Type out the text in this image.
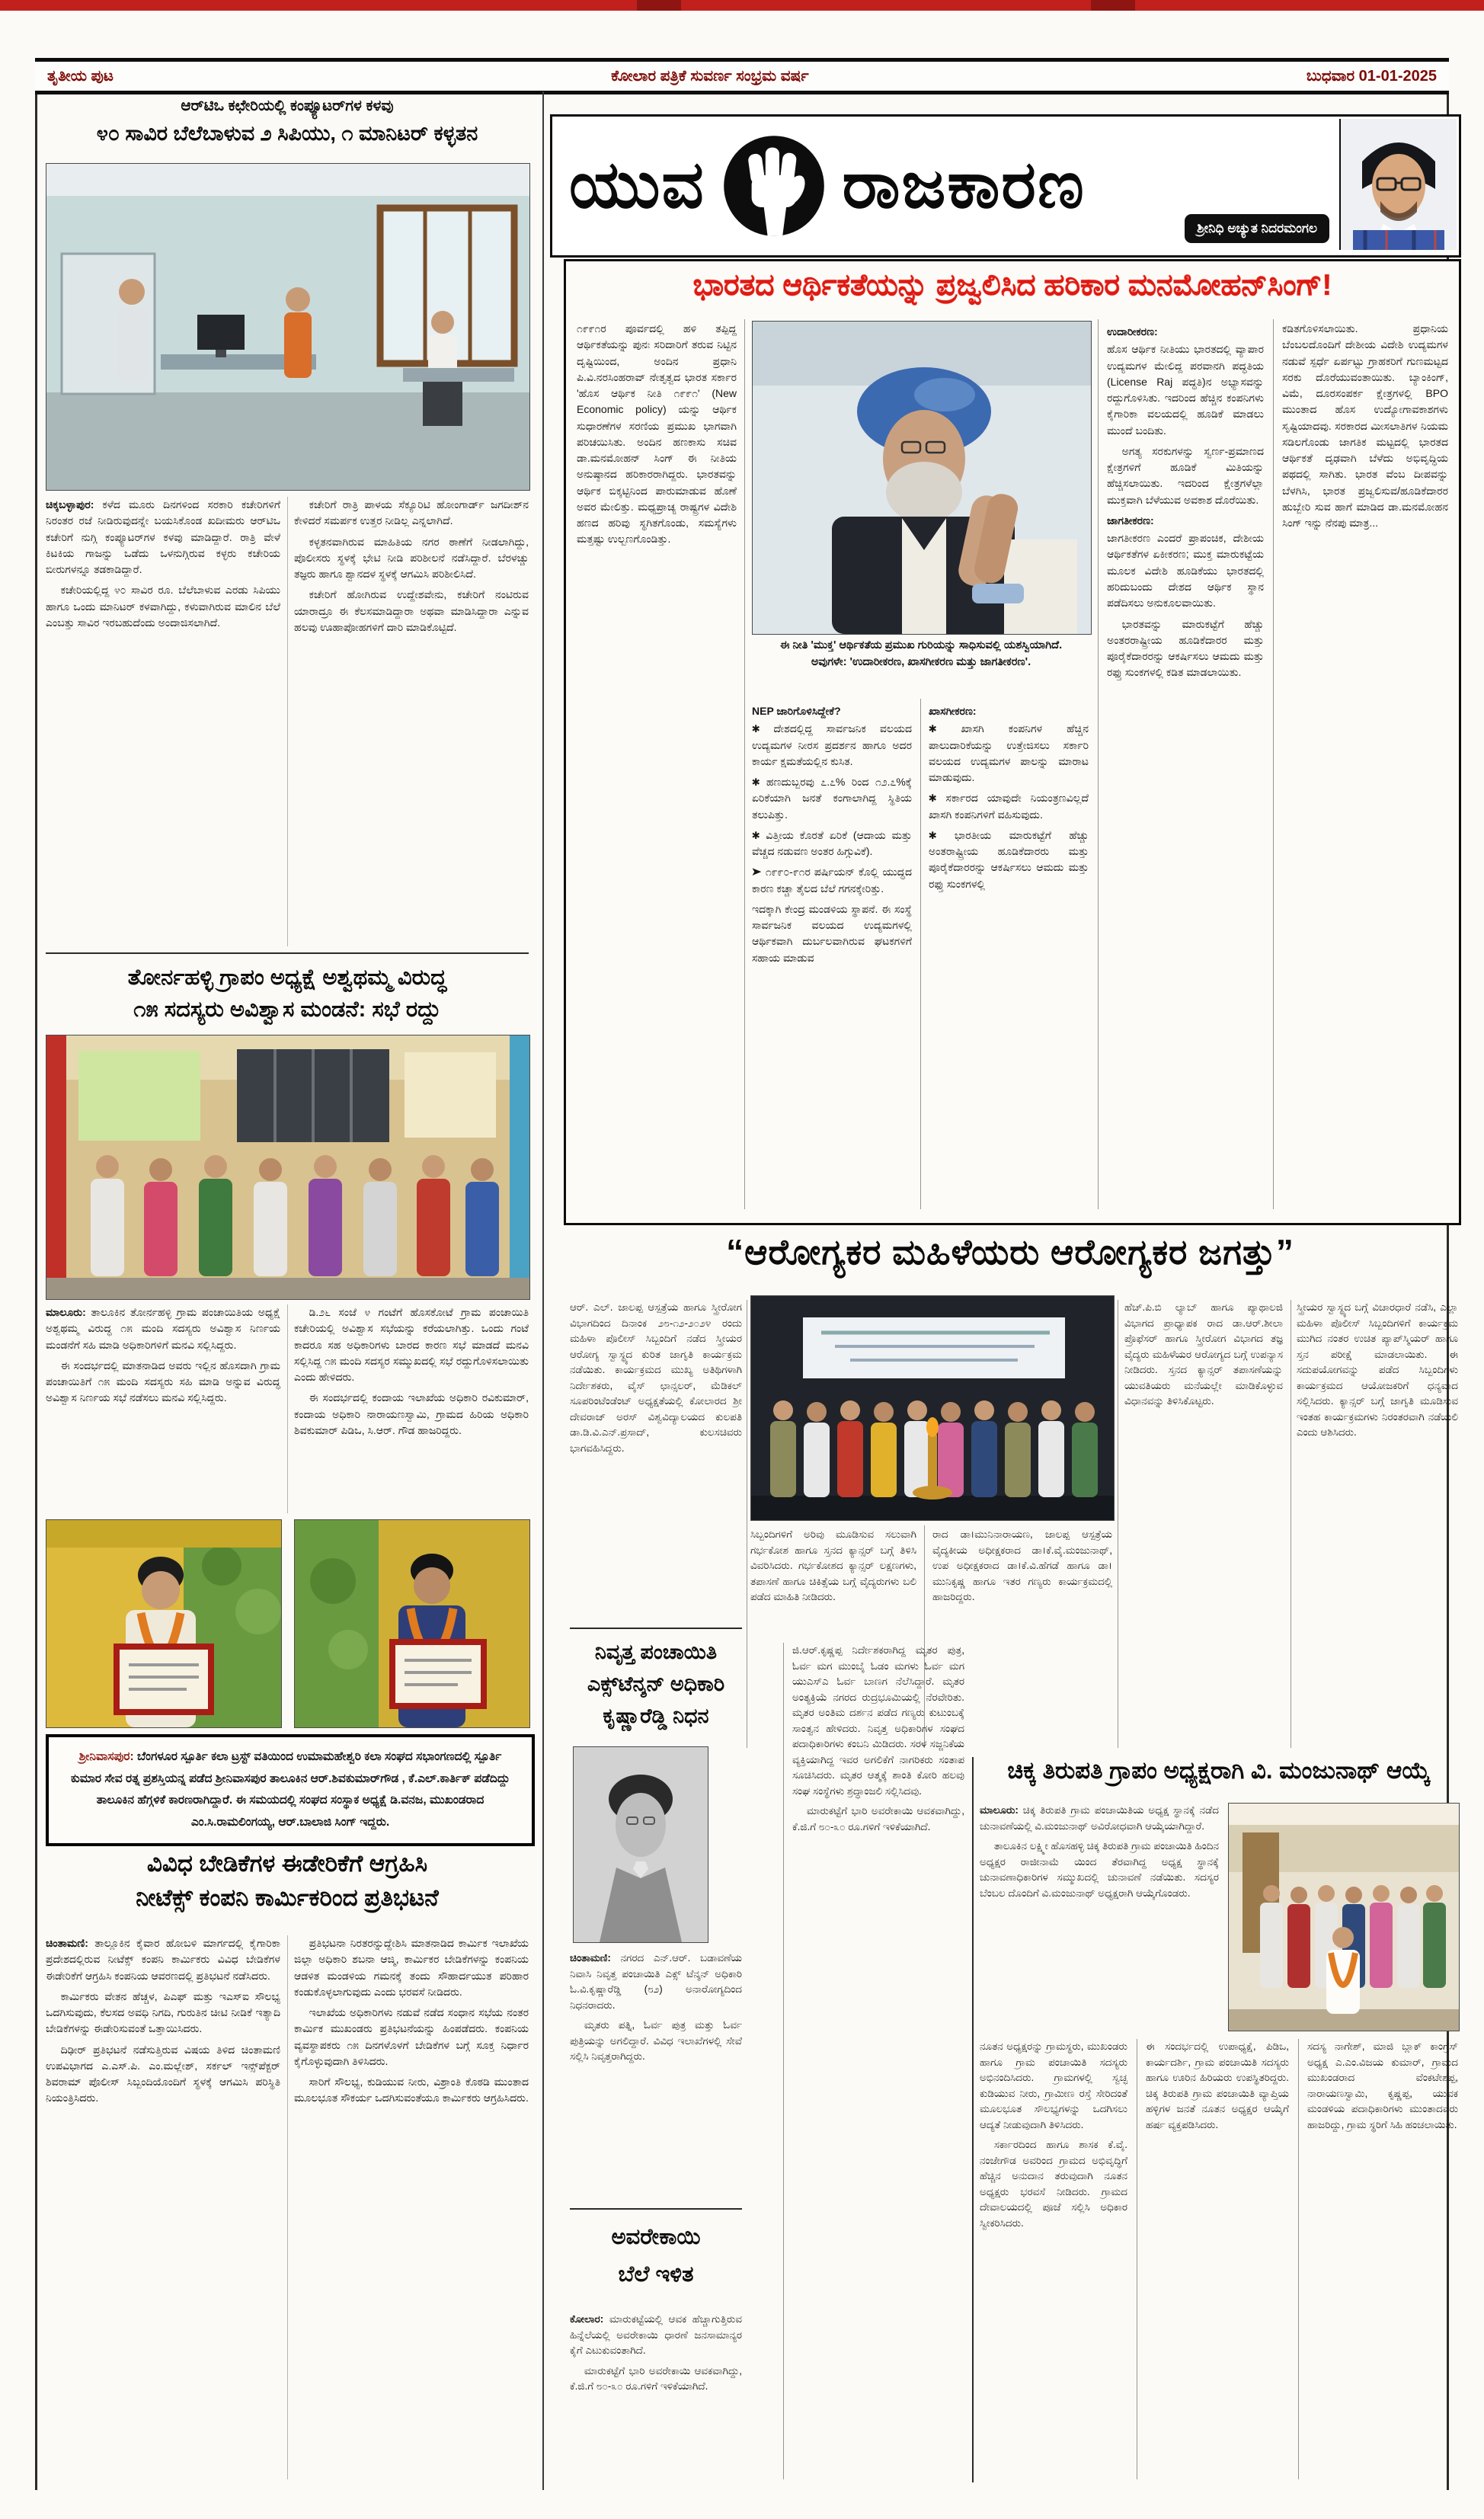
ತೃತೀಯ ಪುಟ	ಕೋಲಾರ ಪತ್ರಿಕೆ ಸುವರ್ಣ ಸಂಭ್ರಮ ವರ್ಷ	ಬುಧವಾರ 01-01-2025
ಆರ್‌ಟಿಒ ಕಛೇರಿಯಲ್ಲಿ ಕಂಪ್ಯೂಟರ್‌ಗಳ ಕಳವು
೪೦ ಸಾವಿರ ಬೆಲೆಬಾಳುವ ೨ ಸಿಪಿಯು, ೧ ಮಾನಿಟರ್ ಕಳ್ಳತನ

ಚಿಕ್ಕಬಳ್ಳಾಪುರ: ಕಳೆದ ಮೂರು ದಿನಗಳಿಂದ ಸರಕಾರಿ ಕಚೇರಿಗಳಿಗೆ ನಿರಂತರ ರಜೆ ನೀಡಿರುವುದನ್ನೇ ಬಯಸಿಕೊಂಡ ಖದೀಮರು ಆರ್‌ಟಿಒ ಕಚೇರಿಗೆ ನುಗ್ಗಿ ಕಂಪ್ಯೂಟರ್‌ಗಳ ಕಳವು ಮಾಡಿದ್ದಾರೆ. ರಾತ್ರಿ ವೇಳೆ ಕಿಟಕಿಯ ಗಾಜನ್ನು ಒಡೆದು ಒಳನುಗ್ಗಿರುವ ಕಳ್ಳರು ಕಚೇರಿಯ ಬೀರುಗಳನ್ನೂ ತಡಕಾಡಿದ್ದಾರೆ.

ಕಚೇರಿಯಲ್ಲಿದ್ದ ೪೦ ಸಾವಿರ ರೂ. ಬೆಲೆಬಾಳುವ ಎರಡು ಸಿಪಿಯು ಹಾಗೂ ಒಂದು ಮಾನಿಟರ್ ಕಳವಾಗಿದ್ದು, ಕಳುವಾಗಿರುವ ಮಾಲಿನ ಬೆಲೆ ಎಂಬತ್ತು ಸಾವಿರ ಇರಬಹುದೆಂದು ಅಂದಾಜಿಸಲಾಗಿದೆ.

ಕಚೇರಿಗೆ ರಾತ್ರಿ ಪಾಳಯ ಸೆಕ್ಯೂರಿಟಿ ಹೋಂಗಾರ್ಡ್ ಜಗದೀಶ್‌ನ ಕೇಳಿದರೆ ಸಮರ್ಪಕ ಉತ್ತರ ನೀಡಿಲ್ಲ ಎನ್ನಲಾಗಿದೆ.

ಕಳ್ಳತನವಾಗಿರುವ ಮಾಹಿತಿಯ ನಗರ ಠಾಣೆಗೆ ನೀಡಲಾಗಿದ್ದು, ಪೊಲೀಸರು ಸ್ಥಳಕ್ಕೆ ಭೇಟಿ ನೀಡಿ ಪರಿಶೀಲನೆ ನಡೆಸಿದ್ದಾರೆ. ಬೆರಳಚ್ಚು ತಜ್ಞರು ಹಾಗೂ ಶ್ವಾನದಳ ಸ್ಥಳಕ್ಕೆ ಆಗಮಿಸಿ ಪರಿಶೀಲಿಸಿದೆ.

ಕಚೇರಿಗೆ ಹೋಗಿರುವ ಉದ್ದೇಶವೇನು, ಕಚೇರಿಗೆ ನಂಟಿರುವ ಯಾರಾದ್ರೂ ಈ ಕೆಲಸಮಾಡಿದ್ದಾರಾ ಅಥವಾ ಮಾಡಿಸಿದ್ದಾರಾ ಎನ್ನುವ ಹಲವು ಊಹಾಪೋಹಗಳಿಗೆ ದಾರಿ ಮಾಡಿಕೊಟ್ಟಿದೆ.

ತೋರ್ನಹಳ್ಳಿ ಗ್ರಾಪಂ ಅಧ್ಯಕ್ಷೆ ಅಶ್ವಥಮ್ಮ ವಿರುದ್ಧ
೧೫ ಸದಸ್ಯರು ಅವಿಶ್ವಾಸ ಮಂಡನೆ: ಸಭೆ ರದ್ದು

ಮಾಲೂರು: ತಾಲೂಕಿನ ತೋರ್ನಹಳ್ಳಿ ಗ್ರಾಮ ಪಂಚಾಯಿತಿಯ ಅಧ್ಯಕ್ಷೆ ಅಶ್ವಥಮ್ಮ ವಿರುದ್ಧ ೧೫ ಮಂದಿ ಸದಸ್ಯರು ಅವಿಶ್ವಾಸ ನಿರ್ಣಯ ಮಂಡನೆಗೆ ಸಹಿ ಮಾಡಿ ಅಧಿಕಾರಿಗಳಿಗೆ ಮನವಿ ಸಲ್ಲಿಸಿದ್ದರು.

ಈ ಸಂದರ್ಭದಲ್ಲಿ ಮಾತನಾಡಿದ ಅವರು ಇಲ್ಲಿನ ಹೊಸದಾಗಿ ಗ್ರಾಮ ಪಂಚಾಯಿತಿಗೆ ೧೫ ಮಂದಿ ಸದಸ್ಯರು ಸಹಿ ಮಾಡಿ ಅನ್ನುವ ವಿರುದ್ಧ ಅವಿಶ್ವಾಸ ನಿರ್ಣಯ ಸಭೆ ನಡೆಸಲು ಮನವಿ ಸಲ್ಲಿಸಿದ್ದರು.

ಡಿ.೨೬ ಸಂಜೆ ೪ ಗಂಟೆಗೆ ಹೊಸಕೋಟೆ ಗ್ರಾಮ ಪಂಚಾಯಿತಿ ಕಚೇರಿಯಲ್ಲಿ ಅವಿಶ್ವಾಸ ಸಭೆಯನ್ನು ಕರೆಯಲಾಗಿತ್ತು. ಒಂದು ಗಂಟೆ ಕಾದರೂ ಸಹ ಅಧಿಕಾರಿಗಳು ಬಾರದ ಕಾರಣ ಸಭೆ ಮಾಡದೆ ಮನವಿ ಸಲ್ಲಿಸಿದ್ದ ೧೫ ಮಂದಿ ಸದಸ್ಯರ ಸಮ್ಮುಖದಲ್ಲಿ ಸಭೆ ರದ್ದುಗೊಳಿಸಲಾಯಿತು ಎಂದು ಹೇಳಿದರು.

ಈ ಸಂದರ್ಭದಲ್ಲಿ ಕಂದಾಯ ಇಲಾಖೆಯ ಅಧಿಕಾರಿ ರವಿಕುಮಾರ್, ಕಂದಾಯ ಅಧಿಕಾರಿ ನಾರಾಯಣಸ್ವಾಮಿ, ಗ್ರಾಮದ ಹಿರಿಯ ಅಧಿಕಾರಿ ಶಿವಕುಮಾರ್ ಪಿಡಿಒ, ಸಿ.ಆರ್. ಗೌಡ ಹಾಜರಿದ್ದರು.

ಶ್ರೀನಿವಾಸಪುರ: ಬೆಂಗಳೂರ ಸ್ಪೂರ್ತಿ ಕಲಾ ಟ್ರಸ್ಟ್ ವತಿಯಿಂದ ಉಮಾಮಹೇಶ್ವರಿ ಕಲಾ ಸಂಘದ ಸಭಾಂಗಣದಲ್ಲಿ ಸ್ಪೂರ್ತಿ ಕುಮಾರ ಸೇವ ರತ್ನ ಪ್ರಶಸ್ತಿಯನ್ನ ಪಡೆದ ಶ್ರೀನಿವಾಸಪುರ ತಾಲೂಕಿನ ಆರ್.ಶಿವಕುಮಾರ್‌ಗೌಡ , ಕೆ.ಎಲ್.ಕಾರ್ತಿಕ್ ಪಡೆದಿದ್ದು ತಾಲೂಕಿನ ಹೆಗ್ಗಳಿಕೆ ಕಾರಣರಾಗಿದ್ದಾರೆ. ಈ ಸಮಯದಲ್ಲಿ ಸಂಘದ ಸಂಸ್ಥಾಕ ಅಧ್ಯಕ್ಷೆ ಡಿ.ವನಜ, ಮುಖಂಡರಾದ ಎಂ.ಸಿ.ರಾಮಲಿಂಗಯ್ಯ, ಆರ್.ಬಾಲಾಜಿ ಸಿಂಗ್ ಇದ್ದರು.
ವಿವಿಧ ಬೇಡಿಕೆಗಳ ಈಡೇರಿಕೆಗೆ ಆಗ್ರಹಿಸಿ
ನೀಟೆಕ್ಸ್ ಕಂಪನಿ ಕಾರ್ಮಿಕರಿಂದ ಪ್ರತಿಭಟನೆ

ಚಿಂತಾಮಣಿ: ತಾಲ್ಲೂಕಿನ ಕೈವಾರ ಹೋಬಳಿ ಮಾರ್ಗದಲ್ಲಿ ಕೈಗಾರಿಕಾ ಪ್ರದೇಶದಲ್ಲಿರುವ ನೀಟೆಕ್ಸ್ ಕಂಪನಿ ಕಾರ್ಮಿಕರು ವಿವಿಧ ಬೇಡಿಕೆಗಳ ಈಡೇರಿಕೆಗೆ ಆಗ್ರಹಿಸಿ ಕಂಪನಿಯ ಆವರಣದಲ್ಲಿ ಪ್ರತಿಭಟನೆ ನಡೆಸಿದರು.

ಕಾರ್ಮಿಕರು ವೇತನ ಹೆಚ್ಚಳ, ಪಿಎಫ್ ಮತ್ತು ಇಎಸ್‌ಐ ಸೌಲಭ್ಯ ಒದಗಿಸುವುದು, ಕೆಲಸದ ಅವಧಿ ನಿಗದಿ, ಗುರುತಿನ ಚೀಟಿ ನೀಡಿಕೆ ಇತ್ಯಾದಿ ಬೇಡಿಕೆಗಳನ್ನು ಈಡೇರಿಸುವಂತೆ ಒತ್ತಾಯಿಸಿದರು.

ದಿಢೀರ್ ಪ್ರತಿಭಟನೆ ನಡೆಸುತ್ತಿರುವ ವಿಷಯ ತಿಳಿದ ಚಿಂತಾಮಣಿ ಉಪವಿಭಾಗದ ಎ.ಎಸ್.ಪಿ. ಎಂ.ಮಲ್ಲೇಶ್, ಸರ್ಕಲ್ ಇನ್ಸ್‌ಪೆಕ್ಟರ್ ಶಿವರಾಮ್ ಪೊಲೀಸ್ ಸಿಬ್ಬಂದಿಯೊಂದಿಗೆ ಸ್ಥಳಕ್ಕೆ ಆಗಮಿಸಿ ಪರಿಸ್ಥಿತಿ ನಿಯಂತ್ರಿಸಿದರು.

ಪ್ರತಿಭಟನಾ ನಿರತರನ್ನುದ್ದೇಶಿಸಿ ಮಾತನಾಡಿದ ಕಾರ್ಮಿಕ ಇಲಾಖೆಯ ಜಿಲ್ಲಾ ಅಧಿಕಾರಿ ಶಬನಾ ಆಜ್ಮಿ, ಕಾರ್ಮಿಕರ ಬೇಡಿಕೆಗಳನ್ನು ಕಂಪನಿಯ ಆಡಳಿತ ಮಂಡಳಿಯ ಗಮನಕ್ಕೆ ತಂದು ಸೌಹಾರ್ದಯುತ ಪರಿಹಾರ ಕಂಡುಕೊಳ್ಳಲಾಗುವುದು ಎಂದು ಭರವಸೆ ನೀಡಿದರು.

ಇಲಾಖೆಯ ಅಧಿಕಾರಿಗಳು ನಡುವೆ ನಡೆದ ಸಂಧಾನ ಸಭೆಯ ನಂತರ ಕಾರ್ಮಿಕ ಮುಖಂಡರು ಪ್ರತಿಭಟನೆಯನ್ನು ಹಿಂಪಡೆದರು. ಕಂಪನಿಯ ವ್ಯವಸ್ಥಾಪಕರು ೧೫ ದಿನಗಳೊಳಗೆ ಬೇಡಿಕೆಗಳ ಬಗ್ಗೆ ಸೂಕ್ತ ನಿರ್ಧಾರ ಕೈಗೊಳ್ಳುವುದಾಗಿ ತಿಳಿಸಿದರು.

ಸಾರಿಗೆ ಸೌಲಭ್ಯ, ಕುಡಿಯುವ ನೀರು, ವಿಶ್ರಾಂತಿ ಕೊಠಡಿ ಮುಂತಾದ ಮೂಲಭೂತ ಸೌಕರ್ಯ ಒದಗಿಸುವಂತೆಯೂ ಕಾರ್ಮಿಕರು ಆಗ್ರಹಿಸಿದರು.

ಯುವ ರಾಜಕಾರಣ
ಶ್ರೀನಿಧಿ ಅಚ್ಯುತ ನಿದರಮಂಗಲ
ಭಾರತದ ಆರ್ಥಿಕತೆಯನ್ನು ಪ್ರಜ್ವಲಿಸಿದ ಹರಿಕಾರ ಮನಮೋಹನ್‌ಸಿಂಗ್!

೧೯೯೧ರ ಪೂರ್ವದಲ್ಲಿ ಹಳಿ ತಪ್ಪಿದ್ದ ಆರ್ಥಿಕತೆಯನ್ನು ಪುನಃ ಸರಿದಾರಿಗೆ ತರುವ ನಿಟ್ಟಿನ ದೃಷ್ಟಿಯಿಂದ, ಅಂದಿನ ಪ್ರಧಾನಿ ಪಿ.ವಿ.ನರಸಿಂಹರಾವ್ ನೇತೃತ್ವದ ಭಾರತ ಸರ್ಕಾರ 'ಹೊಸ ಆರ್ಥಿಕ ನೀತಿ ೧೯೯೧' (New Economic policy) ಯನ್ನು ಆರ್ಥಿಕ ಸುಧಾರಣೆಗಳ ಸರಣಿಯ ಪ್ರಮುಖ ಭಾಗವಾಗಿ ಪರಿಚಯಿಸಿತು. ಅಂದಿನ ಹಣಕಾಸು ಸಚಿವ ಡಾ.ಮನಮೋಹನ್ ಸಿಂಗ್ ಈ ನೀತಿಯ ಅನುಷ್ಠಾನದ ಹರಿಕಾರರಾಗಿದ್ದರು. ಭಾರತವನ್ನು ಆರ್ಥಿಕ ಬಿಕ್ಕಟ್ಟಿನಿಂದ ಪಾರುಮಾಡುವ ಹೊಣೆ ಅವರ ಮೇಲಿತ್ತು. ಮಧ್ಯಪ್ರಾಚ್ಯ ರಾಷ್ಟ್ರಗಳ ವಿದೇಶಿ ಹಣದ ಹರಿವು ಸ್ಥಗಿತಗೊಂಡು, ಸಮಸ್ಯೆಗಳು ಮತ್ತಷ್ಟು ಉಲ್ಬಣಗೊಂಡಿತ್ತು.

ಈ ನೀತಿ 'ಮುಕ್ತ' ಆರ್ಥಿಕತೆಯ ಪ್ರಮುಖ ಗುರಿಯನ್ನು ಸಾಧಿಸುವಲ್ಲಿ ಯಶಸ್ವಿಯಾಗಿದೆ.
ಅವುಗಳೇ: 'ಉದಾರೀಕರಣ, ಖಾಸಗೀಕರಣ ಮತ್ತು ಜಾಗತೀಕರಣ'.
NEP ಜಾರಿಗೊಳಿಸಿದ್ದೇಕೆ?

✱ ದೇಶದಲ್ಲಿದ್ದ ಸಾರ್ವಜನಿಕ ವಲಯದ ಉದ್ಯಮಗಳ ನೀರಸ ಪ್ರದರ್ಶನ ಹಾಗೂ ಅದರ ಕಾರ್ಯ ಕ್ಷಮತೆಯಲ್ಲಿನ ಕುಸಿತ.

✱ ಹಣದುಬ್ಬರವು ೭.೭% ರಿಂದ ೧೨.೭%ಕ್ಕೆ ಏರಿಕೆಯಾಗಿ ಜನತೆ ಕಂಗಾಲಾಗಿದ್ದ ಸ್ಥಿತಿಯ ತಲುಪಿತ್ತು.

✱ ವಿತ್ತೀಯ ಕೊರತೆ ಏರಿಕೆ (ಆದಾಯ ಮತ್ತು ವೆಚ್ಚದ ನಡುವಣ ಅಂತರ ಹಿಗ್ಗುವಿಕೆ).

➤ ೧೯೯೦-೯೧ರ ಪರ್ಷಿಯನ್ ಕೊಲ್ಲಿ ಯುದ್ಧದ ಕಾರಣ ಕಚ್ಚಾ ತೈಲದ ಬೆಲೆ ಗಗನಕ್ಕೇರಿತ್ತು.

ಇದಕ್ಕಾಗಿ ಕೇಂದ್ರ ಮಂಡಳಿಯ ಸ್ಥಾಪನೆ. ಈ ಸಂಸ್ಥೆ ಸಾರ್ವಜನಿಕ ವಲಯದ ಉದ್ಯಮಗಳಲ್ಲಿ ಆರ್ಥಿಕವಾಗಿ ದುರ್ಬಲವಾಗಿರುವ ಘಟಕಗಳಿಗೆ ಸಹಾಯ ಮಾಡುವ

ಖಾಸಗೀಕರಣ:

✱ ಖಾಸಗಿ ಕಂಪನಿಗಳ ಹೆಚ್ಚಿನ ಪಾಲುದಾರಿಕೆಯನ್ನು ಉತ್ತೇಜಿಸಲು ಸರ್ಕಾರಿ ವಲಯದ ಉದ್ಯಮಗಳ ಪಾಲನ್ನು ಮಾರಾಟ ಮಾಡುವುದು.

✱ ಸರ್ಕಾರದ ಯಾವುದೇ ನಿಯಂತ್ರಣವಿಲ್ಲದೆ ಖಾಸಗಿ ಕಂಪನಿಗಳಿಗೆ ವಹಿಸುವುದು.

✱ ಭಾರತೀಯ ಮಾರುಕಟ್ಟೆಗೆ ಹೆಚ್ಚು ಅಂತರಾಷ್ಟ್ರೀಯ ಹೂಡಿಕೆದಾರರು ಮತ್ತು ಪೂರೈಕೆದಾರರನ್ನು ಆಕರ್ಷಿಸಲು ಆಮದು ಮತ್ತು ರಫ್ತು ಸುಂಕಗಳಲ್ಲಿ

ಉದಾರೀಕರಣ:

ಹೊಸ ಆರ್ಥಿಕ ನೀತಿಯು ಭಾರತದಲ್ಲಿ ವ್ಯಾಪಾರ ಉದ್ಯಮಗಳ ಮೇಲಿದ್ದ ಪರವಾನಗಿ ಪದ್ಧತಿಯ (License Raj ಪದ್ಧತಿ)ನ ಅಭ್ಯಾಸವನ್ನು ರದ್ದುಗೊಳಿಸಿತು. ಇದರಿಂದ ಹೆಚ್ಚಿನ ಕಂಪನಿಗಳು ಕೈಗಾರಿಕಾ ವಲಯದಲ್ಲಿ ಹೂಡಿಕೆ ಮಾಡಲು ಮುಂದೆ ಬಂದಿತು.

ಅಗತ್ಯ ಸರಕುಗಳನ್ನು ಸ್ವರ್ಣ-ಪ್ರಮಾಣದ ಕ್ಷೇತ್ರಗಳಿಗೆ ಹೂಡಿಕೆ ಮಿತಿಯನ್ನು ಹೆಚ್ಚಿಸಲಾಯಿತು. ಇದರಿಂದ ಕ್ಷೇತ್ರಗಳೆಲ್ಲಾ ಮುಕ್ತವಾಗಿ ಬೆಳೆಯುವ ಅವಕಾಶ ದೊರೆಯಿತು.

ಜಾಗತೀಕರಣ:

ಜಾಗತೀಕರಣ ಎಂದರೆ ಪ್ರಾಪಂಚಿಕ, ದೇಶೀಯ ಆರ್ಥಿಕತೆಗಳ ಏಕೀಕರಣ; ಮುಕ್ತ ಮಾರುಕಟ್ಟೆಯ ಮೂಲಕ ವಿದೇಶಿ ಹೂಡಿಕೆಯು ಭಾರತದಲ್ಲಿ ಹರಿದುಬಂದು ದೇಶದ ಆರ್ಥಿಕ ಸ್ಥಾನ ಪಡೆದಿಸಲು ಅನುಕೂಲವಾಯಿತು.

ಭಾರತವನ್ನು ಮಾರುಕಟ್ಟೆಗೆ ಹೆಚ್ಚು ಅಂತರರಾಷ್ಟ್ರೀಯ ಹೂಡಿಕೆದಾರರ ಮತ್ತು ಪೂರೈಕೆದಾರರನ್ನು ಆಕರ್ಷಿಸಲು ಆಮದು ಮತ್ತು ರಫ್ತು ಸುಂಕಗಳಲ್ಲಿ ಕಡಿತ ಮಾಡಲಾಯಿತು.

ಕಡಿತಗೊಳಿಸಲಾಯಿತು. ಪ್ರಧಾನಿಯ ಬೆಂಬಲದೊಂದಿಗೆ ದೇಶೀಯ ವಿದೇಶಿ ಉದ್ಯಮಗಳ ನಡುವೆ ಸ್ಪರ್ಧೆ ಏರ್ಪಟ್ಟು ಗ್ರಾಹಕರಿಗೆ ಗುಣಮಟ್ಟದ ಸರಕು ದೊರೆಯುವಂತಾಯಿತು. ಬ್ಯಾಂಕಿಂಗ್, ವಿಮೆ, ದೂರಸಂಪರ್ಕ ಕ್ಷೇತ್ರಗಳಲ್ಲಿ BPO ಮುಂತಾದ ಹೊಸ ಉದ್ಯೋಗಾವಕಾಶಗಳು ಸೃಷ್ಟಿಯಾದವು. ಸರಕಾರದ ಮೀಸಲಾತಿಗಳ ನಿಯಮ ಸಡಿಲಗೊಂಡು ಜಾಗತಿಕ ಮಟ್ಟದಲ್ಲಿ ಭಾರತದ ಆರ್ಥಿಕತೆ ದೃಢವಾಗಿ ಬೆಳೆದು ಅಭಿವೃದ್ಧಿಯ ಪಥದಲ್ಲಿ ಸಾಗಿತು. ಭಾರತ ವೆಂಬ ದೀಪವನ್ನು ಬೆಳಗಿಸಿ, ಭಾರತ ಪ್ರಜ್ವಲಿಸುವ/ಹೂಡಿಕೆದಾರರ ಹುಬ್ಬೇರಿ ಸುವ ಹಾಗೆ ಮಾಡಿದ ಡಾ.ಮನಮೋಹನ ಸಿಂಗ್ ಇನ್ನು ನೆನಪು ಮಾತ್ರ...

“ಆರೋಗ್ಯಕರ ಮಹಿಳೆಯರು ಆರೋಗ್ಯಕರ ಜಗತ್ತು”

ಆರ್. ಎಲ್. ಜಾಲಪ್ಪ ಆಸ್ಪತ್ರೆಯ ಹಾಗೂ ಸ್ತ್ರೀರೋಗ ವಿಭಾಗದಿಂದ ದಿನಾಂಕ ೨೮-೧೨-೨೦೨೪ ರಂದು ಮಹಿಳಾ ಪೊಲೀಸ್ ಸಿಬ್ಬಂದಿಗೆ ನಡೆದ ಸ್ತ್ರೀಯರ ಆರೋಗ್ಯ ಸ್ವಾಸ್ಥ್ಯದ ಕುರಿತ ಜಾಗೃತಿ ಕಾರ್ಯಕ್ರಮ ನಡೆಯಿತು. ಕಾರ್ಯಕ್ರಮದ ಮುಖ್ಯ ಅತಿಥಿಗಳಾಗಿ ನಿರ್ದೇಶಕರು, ವೈಸ್ ಛಾನ್ಸಲರ್, ಮೆಡಿಕಲ್ ಸೂಪರಿಂಟೆಂಡೆಂಟ್ ಅಧ್ಯಕ್ಷತೆಯಲ್ಲಿ ಕೋಲಾರದ ಶ್ರೀ ದೇವರಾಜ್ ಅರಸ್ ವಿಶ್ವವಿದ್ಯಾಲಯದ ಕುಲಪತಿ ಡಾ.ಡಿ.ವಿ.ಎನ್.ಪ್ರಸಾದ್, ಕುಲಸಚಿವರು ಭಾಗವಹಿಸಿದ್ದರು.

ಸಿಬ್ಬಂದಿಗಳಿಗೆ ಅರಿವು ಮೂಡಿಸುವ ಸಲುವಾಗಿ ಗರ್ಭಕೋಶ ಹಾಗೂ ಸ್ತನದ ಕ್ಯಾನ್ಸರ್ ಬಗ್ಗೆ ತಿಳಿಸಿ ವಿವರಿಸಿದರು. ಗರ್ಭಕೋಶದ ಕ್ಯಾನ್ಸರ್ ಲಕ್ಷಣಗಳು, ತಪಾಸಣೆ ಹಾಗೂ ಚಿಕಿತ್ಸೆಯ ಬಗ್ಗೆ ವೈದ್ಯರುಗಳು ಬಲಿ ಪಡೆದ ಮಾಹಿತಿ ನೀಡಿದರು.

ರಾದ ಡಾ।ಮುನಿನಾರಾಯಣ, ಜಾಲಪ್ಪ ಆಸ್ಪತ್ರೆಯ ವೈದ್ಯಕೀಯ ಅಧೀಕ್ಷಕರಾದ ಡಾ।ಕೆ.ವೈ.ಮಂಜುನಾಥ್, ಉಪ ಅಧೀಕ್ಷಕರಾದ ಡಾ।ಕೆ.ವಿ.ಹೆಗಡೆ ಹಾಗೂ ಡಾ।ಮುನಿಕೃಷ್ಣ ಹಾಗೂ ಇತರ ಗಣ್ಯರು ಕಾರ್ಯಕ್ರಮದಲ್ಲಿ ಹಾಜರಿದ್ದರು.

ಹೆಚ್.ಪಿ.ಬಿ ಲ್ಯಾಬ್ ಹಾಗೂ ಪ್ಯಾಥಾಲಜಿ ವಿಭಾಗದ ಪ್ರಾಧ್ಯಾಪಕ ರಾದ ಡಾ.ಆರ್.ಶೀಲಾ ಪ್ರೊಫೆಸರ್ ಹಾಗೂ ಸ್ತ್ರೀರೋಗ ವಿಭಾಗದ ತಜ್ಞ ವೈದ್ಯರು ಮಹಿಳೆಯರ ಆರೋಗ್ಯದ ಬಗ್ಗೆ ಉಪನ್ಯಾಸ ನೀಡಿದರು. ಸ್ತನದ ಕ್ಯಾನ್ಸರ್ ತಪಾಸಣೆಯನ್ನು ಯುವತಿಯರು ಮನೆಯಲ್ಲೇ ಮಾಡಿಕೊಳ್ಳುವ ವಿಧಾನವನ್ನು ತಿಳಿಸಿಕೊಟ್ಟರು.

ಸ್ತ್ರೀಯರ ಸ್ವಾಸ್ಥ್ಯದ ಬಗ್ಗೆ ವಿಚಾರಧಾರೆ ನಡೆಸಿ, ಎಲ್ಲಾ ಮಹಿಳಾ ಪೊಲೀಸ್ ಸಿಬ್ಬಂದಿಗಳಿಗೆ ಕಾರ್ಯಕ್ರಮ ಮುಗಿದ ನಂತರ ಉಚಿತ ಪ್ಯಾಪ್‌ಸ್ಮಿಯರ್ ಹಾಗೂ ಸ್ತನ ಪರೀಕ್ಷೆ ಮಾಡಲಾಯಿತು. ಈ ಸದುಪಯೋಗವನ್ನು ಪಡೆದ ಸಿಬ್ಬಂದಿಗಳು ಕಾರ್ಯಕ್ರಮದ ಆಯೋಜಕರಿಗೆ ಧನ್ಯವಾದ ಸಲ್ಲಿಸಿದರು. ಕ್ಯಾನ್ಸರ್ ಬಗ್ಗೆ ಜಾಗೃತಿ ಮೂಡಿಸುವ ಇಂತಹ ಕಾರ್ಯಕ್ರಮಗಳು ನಿರಂತರವಾಗಿ ನಡೆಯಲಿ ಎಂದು ಆಶಿಸಿದರು.

ನಿವೃತ್ತ ಪಂಚಾಯಿತಿ
ಎಕ್ಸ್‌ಟೆನ್ಶನ್ ಅಧಿಕಾರಿ
ಕೃಷ್ಣಾರೆಡ್ಡಿ ನಿಧನ

ಚಿಂತಾಮಣಿ: ನಗರದ ಎನ್.ಆರ್. ಬಡಾವಣೆಯ ನಿವಾಸಿ ನಿವೃತ್ತ ಪಂಚಾಯಿತಿ ಎಕ್ಸ್ ಟೆನ್ಶನ್ ಅಧಿಕಾರಿ ಓ.ವಿ.ಕೃಷ್ಣಾರೆಡ್ಡಿ (೮೨) ಅನಾರೋಗ್ಯದಿಂದ ನಿಧನರಾದರು.

ಮೃತರು ಪತ್ನಿ, ಓರ್ವ ಪುತ್ರ ಮತ್ತು ಓರ್ವ ಪುತ್ರಿಯನ್ನು ಅಗಲಿದ್ದಾರೆ. ವಿವಿಧ ಇಲಾಖೆಗಳಲ್ಲಿ ಸೇವೆ ಸಲ್ಲಿಸಿ ನಿವೃತ್ತರಾಗಿದ್ದರು.

ಜಿ.ಆರ್.ಕೃಷ್ಣಪ್ಪ ನಿರ್ದೇಶಕರಾಗಿದ್ದ ಮೃತರ ಪುತ್ರ, ಓರ್ವ ಮಗ ಮುಂಬೈ ಓಡಂ ಮಗಳು ಓರ್ವ ಮಗ ಯುಎಸ್‌ಎ ಓರ್ವ ಬಾಣಗ ನೆಲೆಸಿದ್ದಾರೆ. ಮೃತರ ಅಂತ್ಯಕ್ರಿಯೆ ನಗರದ ರುದ್ರಭೂಮಿಯಲ್ಲಿ ನೆರವೇರಿತು. ಮೃತರ ಅಂತಿಮ ದರ್ಶನ ಪಡೆದ ಗಣ್ಯರು ಕುಟುಂಬಕ್ಕೆ ಸಾಂತ್ವನ ಹೇಳಿದರು. ನಿವೃತ್ತ ಅಧಿಕಾರಿಗಳ ಸಂಘದ ಪದಾಧಿಕಾರಿಗಳು ಕಂಬನಿ ಮಿಡಿದರು. ಸರಳ ಸಜ್ಜನಿಕೆಯ ವ್ಯಕ್ತಿಯಾಗಿದ್ದ ಇವರ ಅಗಲಿಕೆಗೆ ನಾಗರಿಕರು ಸಂತಾಪ ಸೂಚಿಸಿದರು. ಮೃತರ ಆತ್ಮಕ್ಕೆ ಶಾಂತಿ ಕೋರಿ ಹಲವು ಸಂಘ ಸಂಸ್ಥೆಗಳು ಶ್ರದ್ಧಾಂಜಲಿ ಸಲ್ಲಿಸಿದವು.

ಮಾರುಕಟ್ಟೆಗೆ ಭಾರಿ ಅವರೇಕಾಯಿ ಆವಕವಾಗಿದ್ದು, ಕೆ.ಜಿ.ಗೆ ೮೦-೩೦ ರೂ.ಗಳಿಗೆ ಇಳಿಕೆಯಾಗಿದೆ.

ಅವರೇಕಾಯಿ
ಬೆಲೆ ಇಳಿತ

ಕೋಲಾರ: ಮಾರುಕಟ್ಟೆಯಲ್ಲಿ ಆವಕ ಹೆಚ್ಚಾಗುತ್ತಿರುವ ಹಿನ್ನೆಲೆಯಲ್ಲಿ ಅವರೇಕಾಯಿ ಧಾರಣೆ ಜನಸಾಮಾನ್ಯರ ಕೈಗೆ ಎಟುಕುವಂತಾಗಿದೆ.

ಮಾರುಕಟ್ಟೆಗೆ ಭಾರಿ ಅವರೇಕಾಯಿ ಆವಕವಾಗಿದ್ದು, ಕೆ.ಜಿ.ಗೆ ೮೦-೩೦ ರೂ.ಗಳಿಗೆ ಇಳಿಕೆಯಾಗಿದೆ.

ಚಿಕ್ಕ ತಿರುಪತಿ ಗ್ರಾಪಂ ಅಧ್ಯಕ್ಷರಾಗಿ ವಿ. ಮಂಜುನಾಥ್ ಆಯ್ಕೆ

ಮಾಲೂರು: ಚಿಕ್ಕ ತಿರುಪತಿ ಗ್ರಾಮ ಪಂಚಾಯಿತಿಯ ಅಧ್ಯಕ್ಷ ಸ್ಥಾನಕ್ಕೆ ನಡೆದ ಚುನಾವಣೆಯಲ್ಲಿ ವಿ.ಮಂಜುನಾಥ್ ಅವಿರೋಧವಾಗಿ ಆಯ್ಕೆಯಾಗಿದ್ದಾರೆ.

ತಾಲೂಕಿನ ಲಕ್ಷ್ಮೀ ಹೊಸಹಳ್ಳಿ ಚಿಕ್ಕ ತಿರುಪತಿ ಗ್ರಾಮ ಪಂಚಾಯಿತಿ ಹಿಂದಿನ ಅಧ್ಯಕ್ಷರ ರಾಜೀನಾಮೆ ಯಿಂದ ತೆರವಾಗಿದ್ದ ಅಧ್ಯಕ್ಷ ಸ್ಥಾನಕ್ಕೆ ಚುನಾವಣಾಧಿಕಾರಿಗಳ ಸಮ್ಮುಖದಲ್ಲಿ ಚುನಾವಣೆ ನಡೆಯಿತು. ಸದಸ್ಯರ ಬೆಂಬಲ ದೊಂದಿಗೆ ವಿ.ಮಂಜುನಾಥ್ ಅಧ್ಯಕ್ಷರಾಗಿ ಆಯ್ಕೆಗೊಂಡರು.

ನೂತನ ಅಧ್ಯಕ್ಷರನ್ನು ಗ್ರಾಮಸ್ಥರು, ಮುಖಂಡರು ಹಾಗೂ ಗ್ರಾಮ ಪಂಚಾಯಿತಿ ಸದಸ್ಯರು ಅಭಿನಂದಿಸಿದರು. ಗ್ರಾಮಗಳಲ್ಲಿ ಸ್ವಚ್ಛ ಕುಡಿಯುವ ನೀರು, ಗ್ರಾಮೀಣ ರಸ್ತೆ ಸೇರಿದಂತೆ ಮೂಲಭೂತ ಸೌಲಭ್ಯಗಳನ್ನು ಒದಗಿಸಲು ಆದ್ಯತೆ ನೀಡುವುದಾಗಿ ತಿಳಿಸಿದರು.

ಸರ್ಕಾರದಿಂದ ಹಾಗೂ ಶಾಸಕ ಕೆ.ವೈ. ನಂಜೇಗೌಡ ಅವರಿಂದ ಗ್ರಾಮದ ಅಭಿವೃದ್ಧಿಗೆ ಹೆಚ್ಚಿನ ಅನುದಾನ ತರುವುದಾಗಿ ನೂತನ ಅಧ್ಯಕ್ಷರು ಭರವಸೆ ನೀಡಿದರು. ಗ್ರಾಮದ ದೇವಾಲಯದಲ್ಲಿ ಪೂಜೆ ಸಲ್ಲಿಸಿ ಅಧಿಕಾರ ಸ್ವೀಕರಿಸಿದರು.

ಈ ಸಂದರ್ಭದಲ್ಲಿ ಉಪಾಧ್ಯಕ್ಷೆ, ಪಿಡಿಒ, ಕಾರ್ಯದರ್ಶಿ, ಗ್ರಾಮ ಪಂಚಾಯಿತಿ ಸದಸ್ಯರು ಹಾಗೂ ಊರಿನ ಹಿರಿಯರು ಉಪಸ್ಥಿತರಿದ್ದರು. ಚಿಕ್ಕ ತಿರುಪತಿ ಗ್ರಾಮ ಪಂಚಾಯಿತಿ ವ್ಯಾಪ್ತಿಯ ಹಳ್ಳಿಗಳ ಜನತೆ ನೂತನ ಅಧ್ಯಕ್ಷರ ಆಯ್ಕೆಗೆ ಹರ್ಷ ವ್ಯಕ್ತಪಡಿಸಿದರು.

ಸದಸ್ಯ ನಾಗೇಶ್, ಮಾಜಿ ಬ್ಲಾಕ್ ಕಾಂಗ್ರೆಸ್ ಅಧ್ಯಕ್ಷ ಎ.ಎಂ.ವಿಜಯ ಕುಮಾರ್, ಗ್ರಾಮದ ಮುಖಂಡರಾದ ವೆಂಕಟೇಶಪ್ಪ, ನಾರಾಯಣಸ್ವಾಮಿ, ಕೃಷ್ಣಪ್ಪ, ಯುವಕ ಮಂಡಳಿಯ ಪದಾಧಿಕಾರಿಗಳು ಮುಂತಾದವರು ಹಾಜರಿದ್ದು, ಗ್ರಾಮ ಸ್ಥರಿಗೆ ಸಿಹಿ ಹಂಚಲಾಯಿತು.
